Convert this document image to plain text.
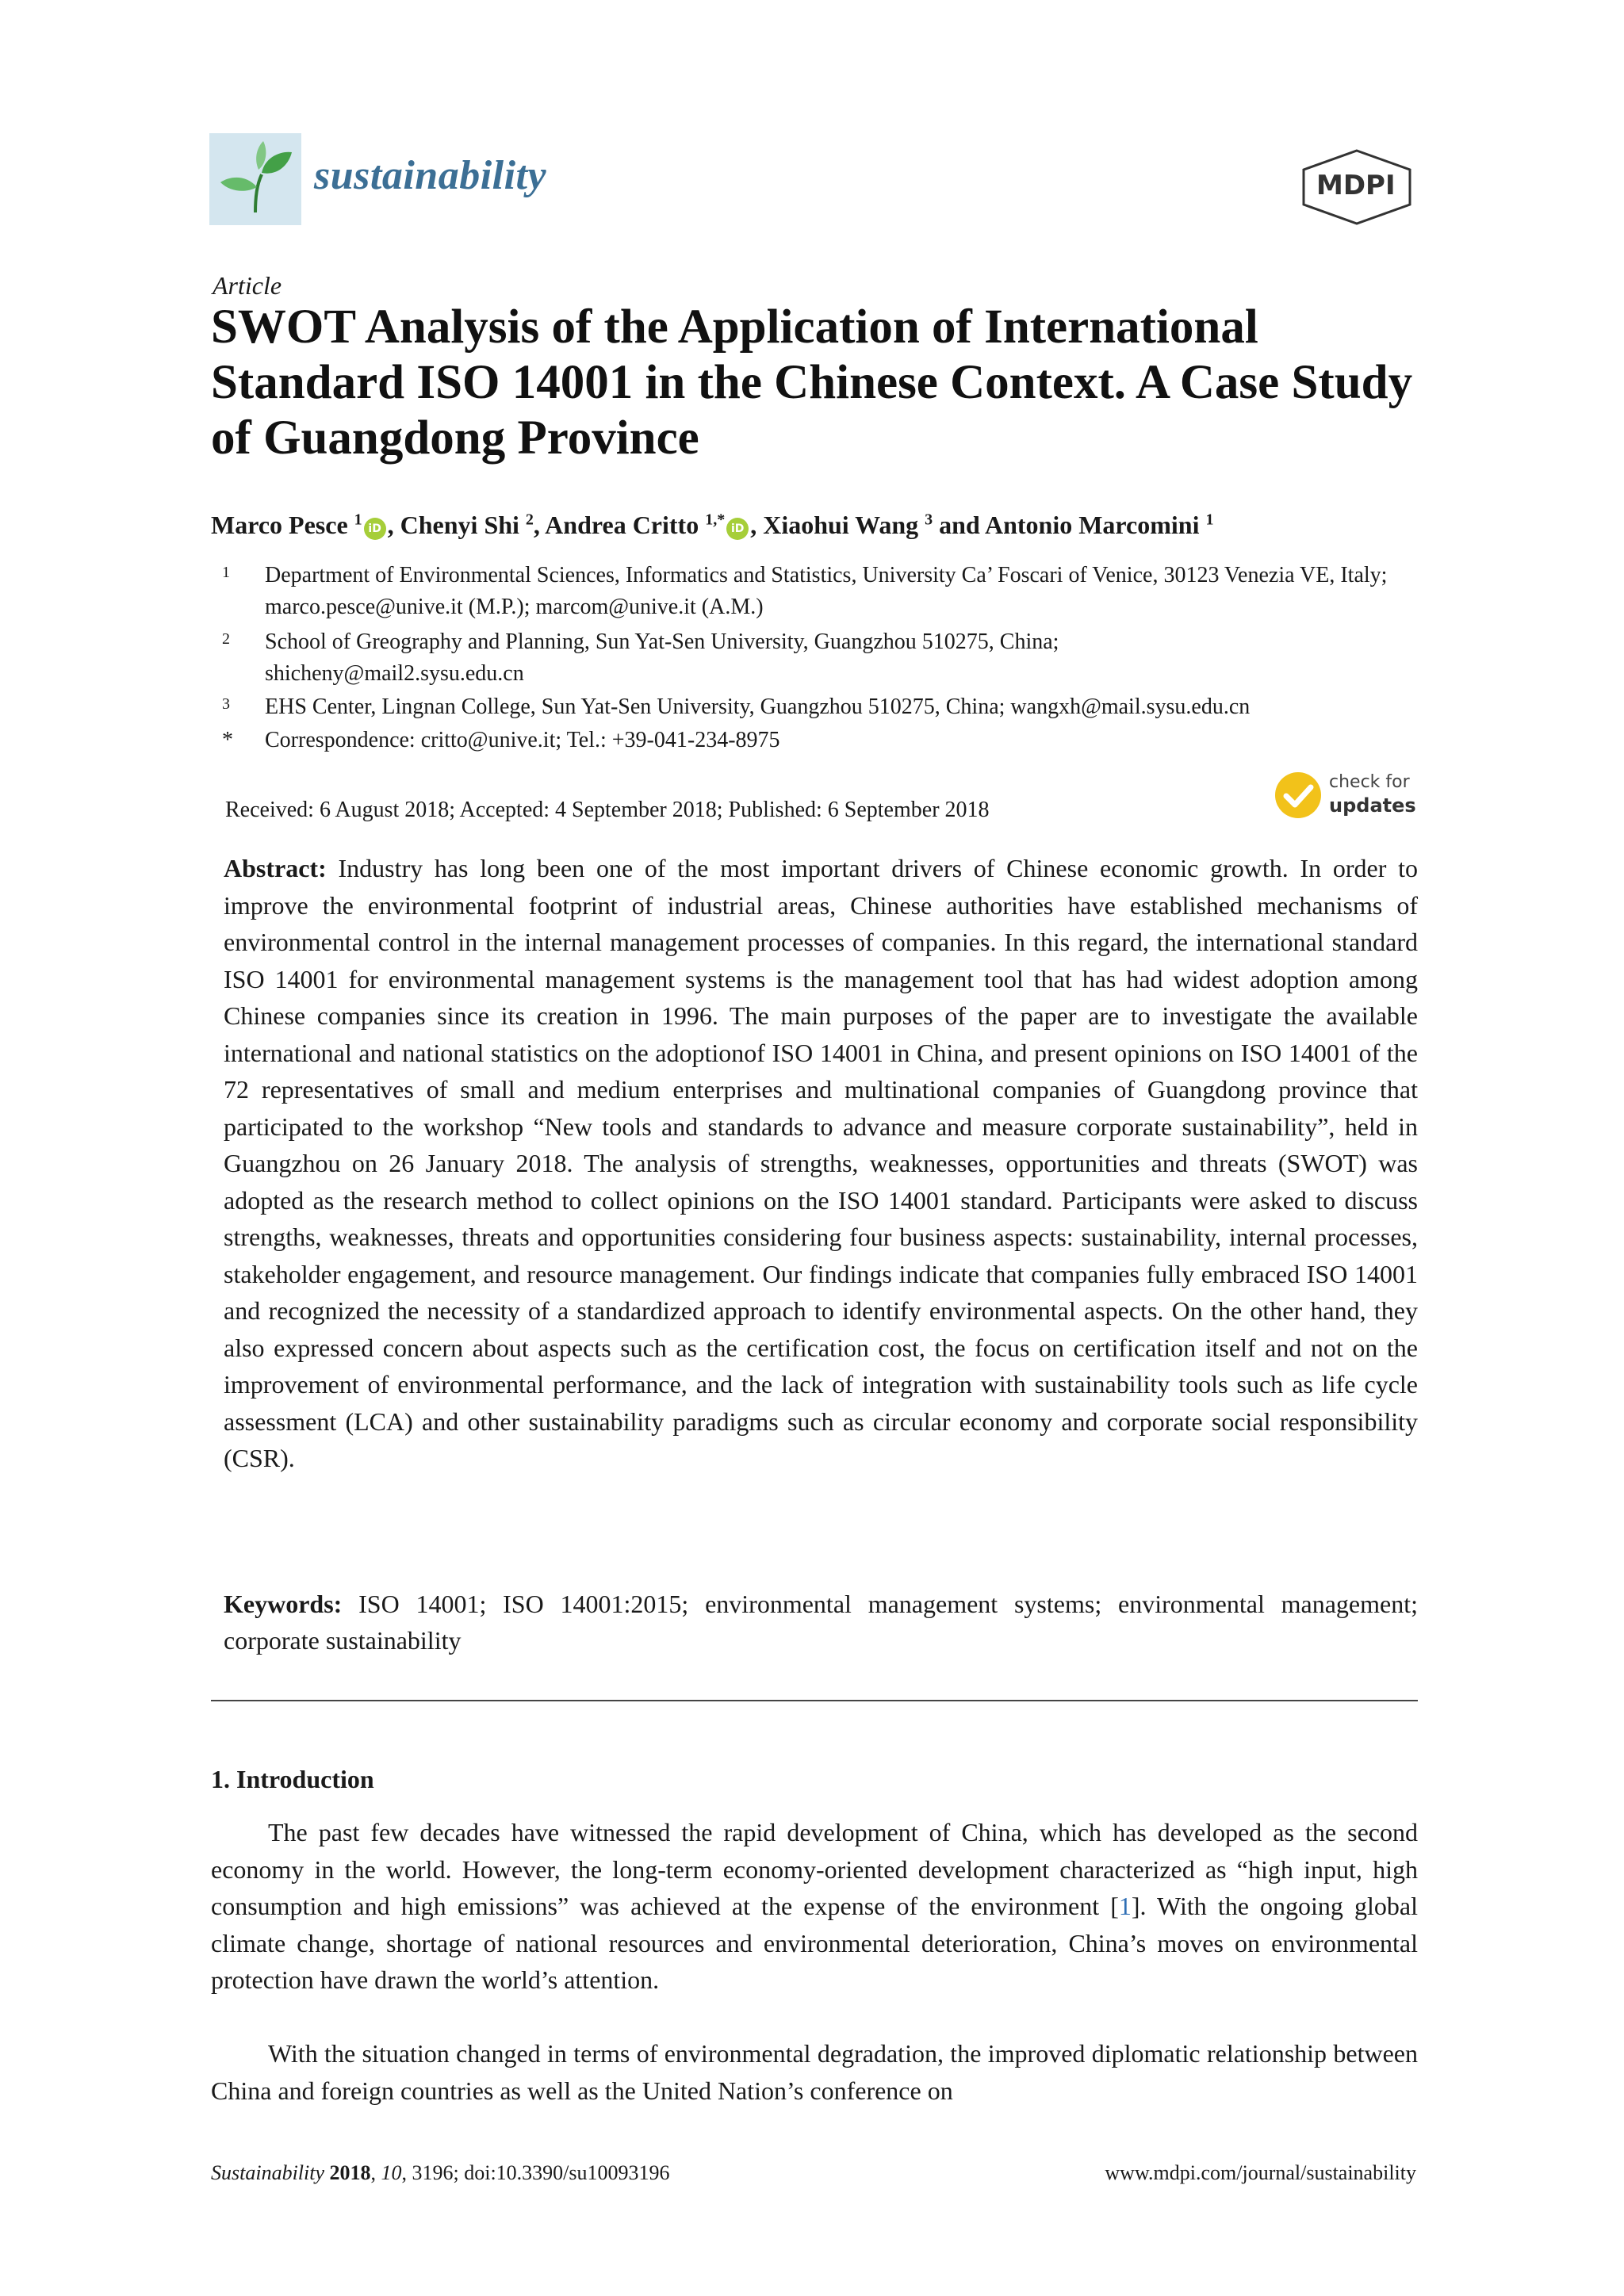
sustainability	MDPI
Article
SWOT Analysis of the Application of International Standard ISO 14001 in the Chinese Context. A Case Study of Guangdong Province
Marco Pesce $^1$iD , Chenyi Shi $^2$, Andrea Critto $^{1,*}$iD , Xiaohui Wang $^3$ and Antonio Marcomini $^1$
1 Department of Environmental Sciences, Informatics and Statistics, University Ca’ Foscari of Venice, 30123 Venezia VE, Italy; marco.pesce@unive.it (M.P.); marcom@unive.it (A.M.)
2 School of Greography and Planning, Sun Yat-Sen University, Guangzhou 510275, China; shicheny@mail2.sysu.edu.cn
3 EHS Center, Lingnan College, Sun Yat-Sen University, Guangzhou 510275, China; wangxh@mail.sysu.edu.cn
* Correspondence: critto@unive.it; Tel.: +39-041-234-8975
Received: 6 August 2018; Accepted: 4 September 2018; Published: 6 September 2018
check for
updates
Abstract: Industry has long been one of the most important drivers of Chinese economic growth. In order to improve the environmental footprint of industrial areas, Chinese authorities have established mechanisms of environmental control in the internal management processes of companies. In this regard, the international standard ISO 14001 for environmental management systems is the management tool that has had widest adoption among Chinese companies since its creation in 1996. The main purposes of the paper are to investigate the available international and national statistics on the adoptionof ISO 14001 in China, and present opinions on ISO 14001 of the 72 representatives of small and medium enterprises and multinational companies of Guangdong province that participated to the workshop “New tools and standards to advance and measure corporate sustainability”, held in Guangzhou on 26 January 2018. The analysis of strengths, weaknesses, opportunities and threats (SWOT) was adopted as the research method to collect opinions on the ISO 14001 standard. Participants were asked to discuss strengths, weaknesses, threats and opportunities considering four business aspects: sustainability, internal processes, stakeholder engagement, and resource management. Our findings indicate that companies fully embraced ISO 14001 and recognized the necessity of a standardized approach to identify environmental aspects. On the other hand, they also expressed concern about aspects such as the certification cost, the focus on certification itself and not on the improvement of environmental performance, and the lack of integration with sustainability tools such as life cycle assessment (LCA) and other sustainability paradigms such as circular economy and corporate social responsibility (CSR).
Keywords: ISO 14001; ISO 14001:2015; environmental management systems; environmental management; corporate sustainability
1. Introduction
The past few decades have witnessed the rapid development of China, which has developed as the second economy in the world. However, the long-term economy-oriented development characterized as “high input, high consumption and high emissions” was achieved at the expense of the environment [1]. With the ongoing global climate change, shortage of national resources and environmental deterioration, China’s moves on environmental protection have drawn the world’s attention.
With the situation changed in terms of environmental degradation, the improved diplomatic relationship between China and foreign countries as well as the United Nation’s conference on
Sustainability 2018, 10, 3196; doi:10.3390/su10093196	www.mdpi.com/journal/sustainability
